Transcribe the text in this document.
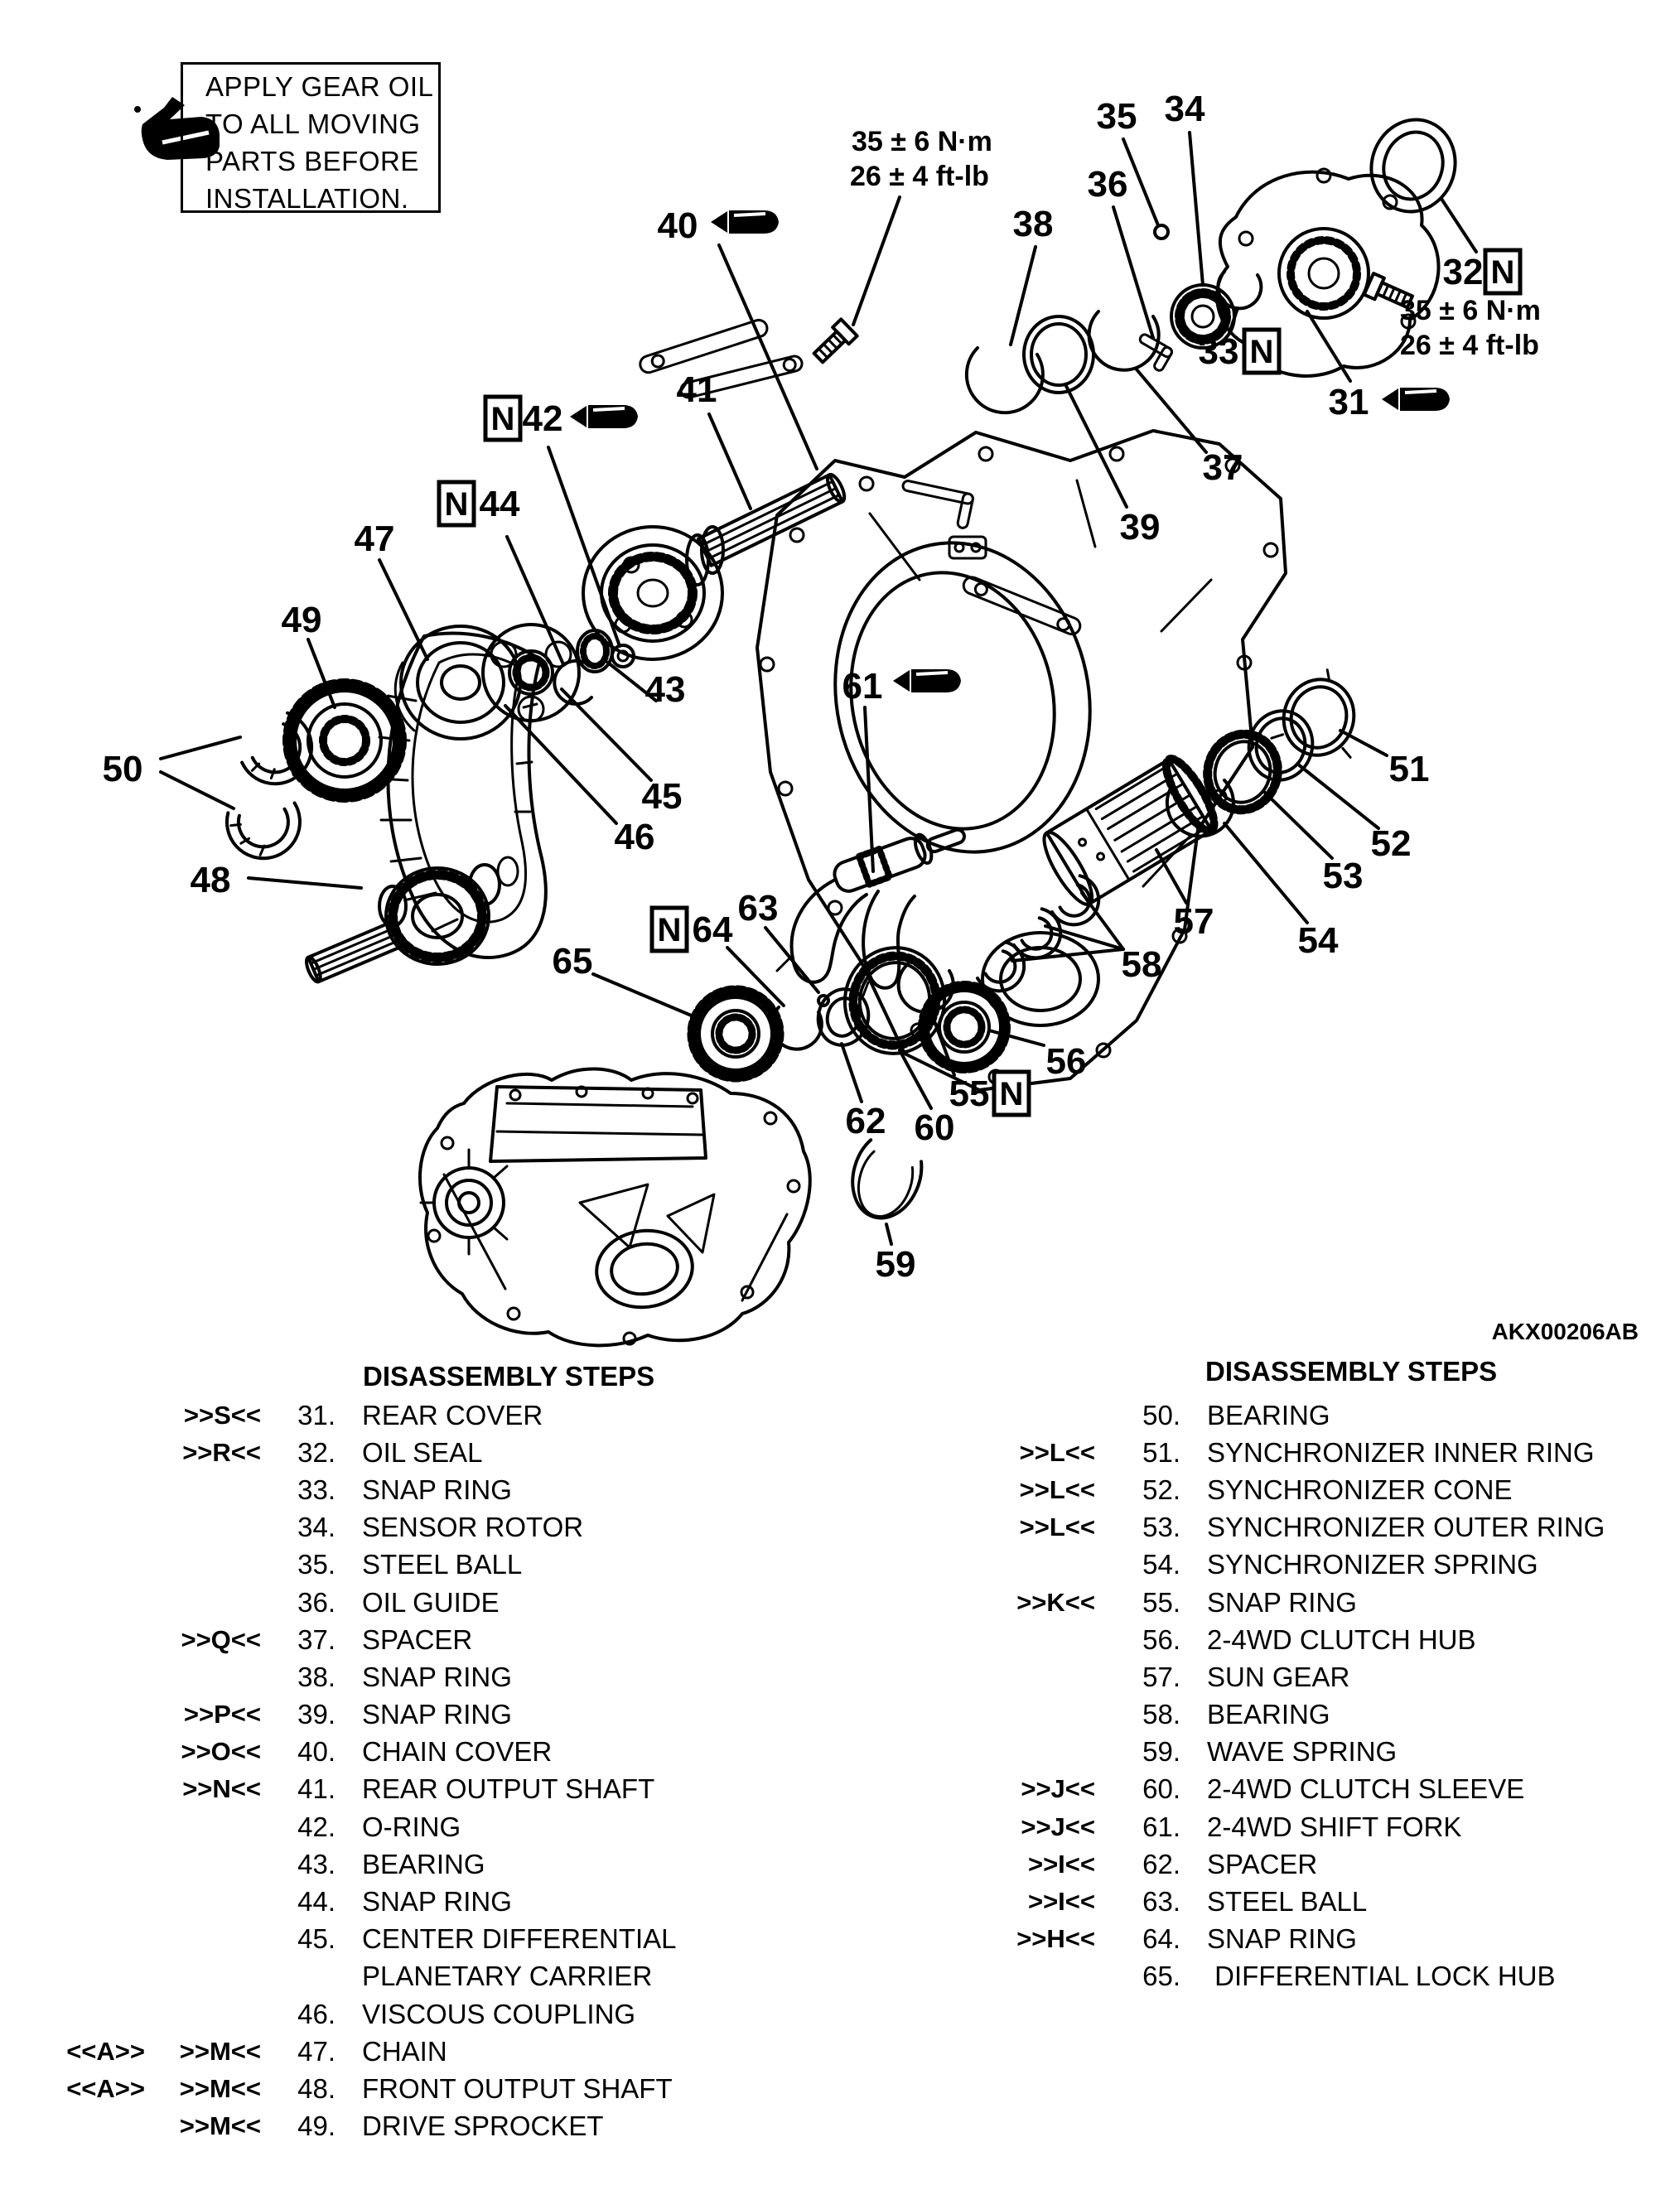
N
N
N
N
N
N
35 ± 6 N·m
26 ± 4 ft-lb
35 ± 6 N·m
26 ± 4 ft-lb
40
41
42
44
43
47
49
50
45
46
48
61
65
64
63
62 60
55
56
59
57
58
54
53
52
51
35 34
36
38
37
39
33
32
31
APPLY GEAR OIL
TO ALL MOVING
PARTS BEFORE
INSTALLATION.
AKX00206AB
DISASSEMBLY STEPS	DISASSEMBLY STEPS
>>S<<	31. REAR COVER
>>R<<	32. OIL SEAL
33. SNAP RING
34. SENSOR ROTOR
35. STEEL BALL
36. OIL GUIDE
>>Q<<	37. SPACER
38. SNAP RING
>>P<<	39. SNAP RING
>>O<<	40. CHAIN COVER
>>N<<	41. REAR OUTPUT SHAFT
42. O-RING
43. BEARING
44. SNAP RING
45. CENTER DIFFERENTIAL
PLANETARY CARRIER
46. VISCOUS COUPLING
<<A>>	>>M<<	47. CHAIN
<<A>>	>>M<<	48. FRONT OUTPUT SHAFT
>>M<<	49. DRIVE SPROCKET
50. BEARING
>>L<<	51. SYNCHRONIZER INNER RING
>>L<<	52. SYNCHRONIZER CONE
>>L<<	53. SYNCHRONIZER OUTER RING
54. SYNCHRONIZER SPRING
>>K<<	55. SNAP RING
56. 2-4WD CLUTCH HUB
57. SUN GEAR
58. BEARING
59. WAVE SPRING
>>J<<	60. 2-4WD CLUTCH SLEEVE
>>J<<	61. 2-4WD SHIFT FORK
>>I<<	62. SPACER
>>I<<	63. STEEL BALL
>>H<<	64. SNAP RING
65. DIFFERENTIAL LOCK HUB
